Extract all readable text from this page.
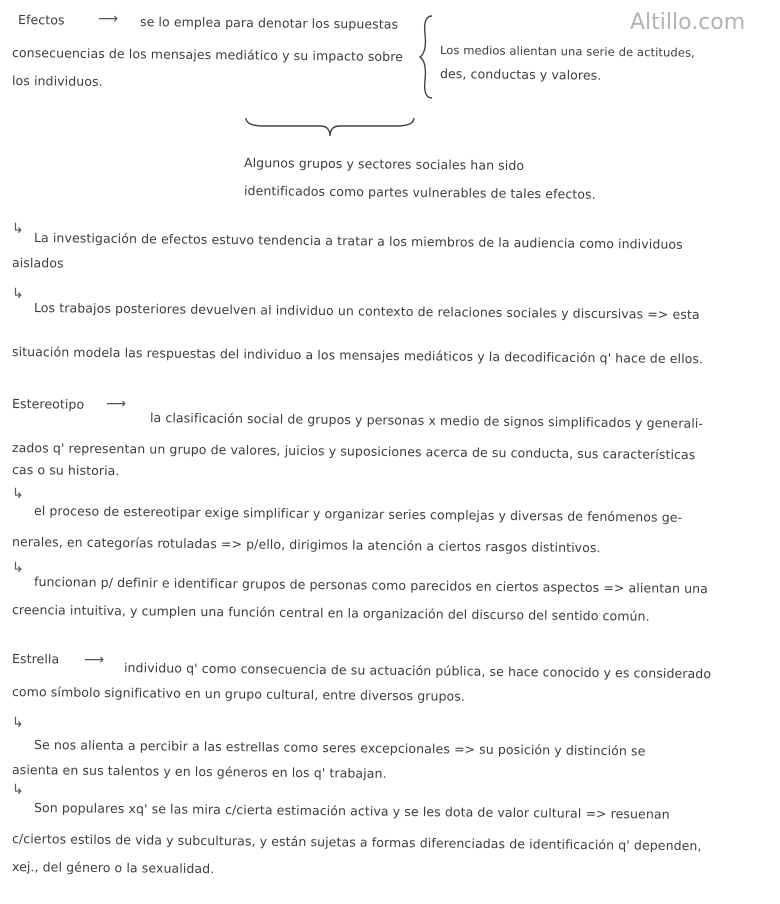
Altillo.com
Efectos ⟶ se lo emplea para denotar los supuestas
consecuencias de los mensajes mediático y su impacto sobre
los individuos.
Los medios alientan una serie de actitudes,
des, conductas y valores.
Algunos grupos y sectores sociales han sido
identificados como partes vulnerables de tales efectos.
↳
La investigación de efectos estuvo tendencia a tratar a los miembros de la audiencia como individuos
aislados
↳
Los trabajos posteriores devuelven al individuo un contexto de relaciones sociales y discursivas => esta
situación modela las respuestas del individuo a los mensajes mediáticos y la decodificación q' hace de ellos.
Estereotipo ⟶
la clasificación social de grupos y personas x medio de signos simplificados y generali-
zados q' representan un grupo de valores, juicios y suposiciones acerca de su conducta, sus características
cas o su historia.
↳
el proceso de estereotipar exige simplificar y organizar series complejas y diversas de fenómenos ge-
nerales, en categorías rotuladas => p/ello, dirigimos la atención a ciertos rasgos distintivos.
↳
funcionan p/ definir e identificar grupos de personas como parecidos en ciertos aspectos => alientan una
creencia intuitiva, y cumplen una función central en la organización del discurso del sentido común.
Estrella ⟶
individuo q' como consecuencia de su actuación pública, se hace conocido y es considerado
como símbolo significativo en un grupo cultural, entre diversos grupos.
↳
Se nos alienta a percibir a las estrellas como seres excepcionales => su posición y distinción se
asienta en sus talentos y en los géneros en los q' trabajan.
↳
Son populares xq' se las mira c/cierta estimación activa y se les dota de valor cultural => resuenan
c/ciertos estilos de vida y subculturas, y están sujetas a formas diferenciadas de identificación q' dependen,
xej., del género o la sexualidad.
